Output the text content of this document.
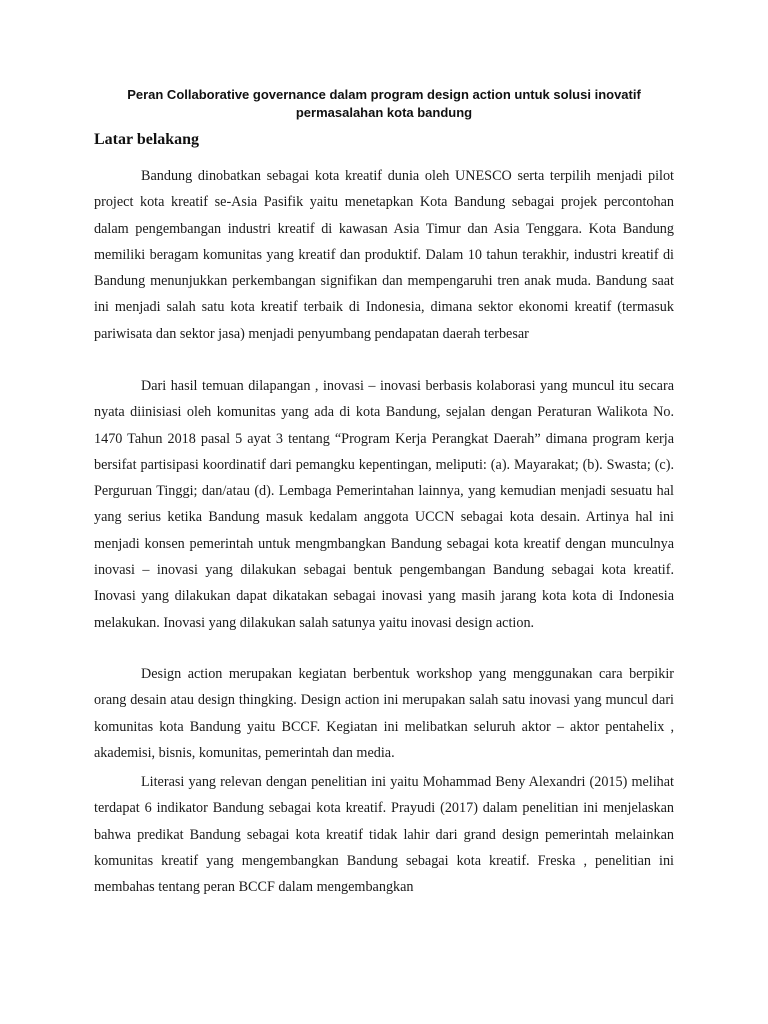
Peran Collaborative governance dalam program design action untuk solusi inovatif permasalahan kota bandung
Latar belakang

Bandung dinobatkan sebagai kota kreatif dunia oleh UNESCO serta terpilih menjadi pilot project kota kreatif se-Asia Pasifik yaitu menetapkan Kota Bandung sebagai projek percontohan dalam pengembangan industri kreatif di kawasan Asia Timur dan Asia Tenggara. Kota Bandung memiliki beragam komunitas yang kreatif dan produktif. Dalam 10 tahun terakhir, industri kreatif di Bandung menunjukkan perkembangan signifikan dan mempengaruhi tren anak muda. Bandung saat ini menjadi salah satu kota kreatif terbaik di Indonesia, dimana sektor ekonomi kreatif (termasuk pariwisata dan sektor jasa) menjadi penyumbang pendapatan daerah terbesar

Dari hasil temuan dilapangan , inovasi – inovasi berbasis kolaborasi yang muncul itu secara nyata diinisiasi oleh komunitas yang ada di kota Bandung, sejalan dengan Peraturan Walikota No. 1470 Tahun 2018 pasal 5 ayat 3 tentang “Program Kerja Perangkat Daerah” dimana program kerja bersifat partisipasi koordinatif dari pemangku kepentingan, meliputi: (a). Mayarakat; (b). Swasta; (c). Perguruan Tinggi; dan/atau (d). Lembaga Pemerintahan lainnya, yang kemudian menjadi sesuatu hal yang serius ketika Bandung masuk kedalam anggota UCCN sebagai kota desain. Artinya hal ini menjadi konsen pemerintah untuk mengmbangkan Bandung sebagai kota kreatif dengan munculnya inovasi – inovasi yang dilakukan sebagai bentuk pengembangan Bandung sebagai kota kreatif. Inovasi yang dilakukan dapat dikatakan sebagai inovasi yang masih jarang kota kota di Indonesia melakukan. Inovasi yang dilakukan salah satunya yaitu inovasi design action.

Design action merupakan kegiatan berbentuk workshop yang menggunakan cara berpikir orang desain atau design thingking. Design action ini merupakan salah satu inovasi yang muncul dari komunitas kota Bandung yaitu BCCF. Kegiatan ini melibatkan seluruh aktor – aktor pentahelix , akademisi, bisnis, komunitas, pemerintah dan media.

Literasi yang relevan dengan penelitian ini yaitu Mohammad Beny Alexandri (2015) melihat terdapat 6 indikator Bandung sebagai kota kreatif. Prayudi (2017) dalam penelitian ini menjelaskan bahwa predikat Bandung sebagai kota kreatif tidak lahir dari grand design pemerintah melainkan komunitas kreatif yang mengembangkan Bandung sebagai kota kreatif. Freska , penelitian ini membahas tentang peran BCCF dalam mengembangkan
